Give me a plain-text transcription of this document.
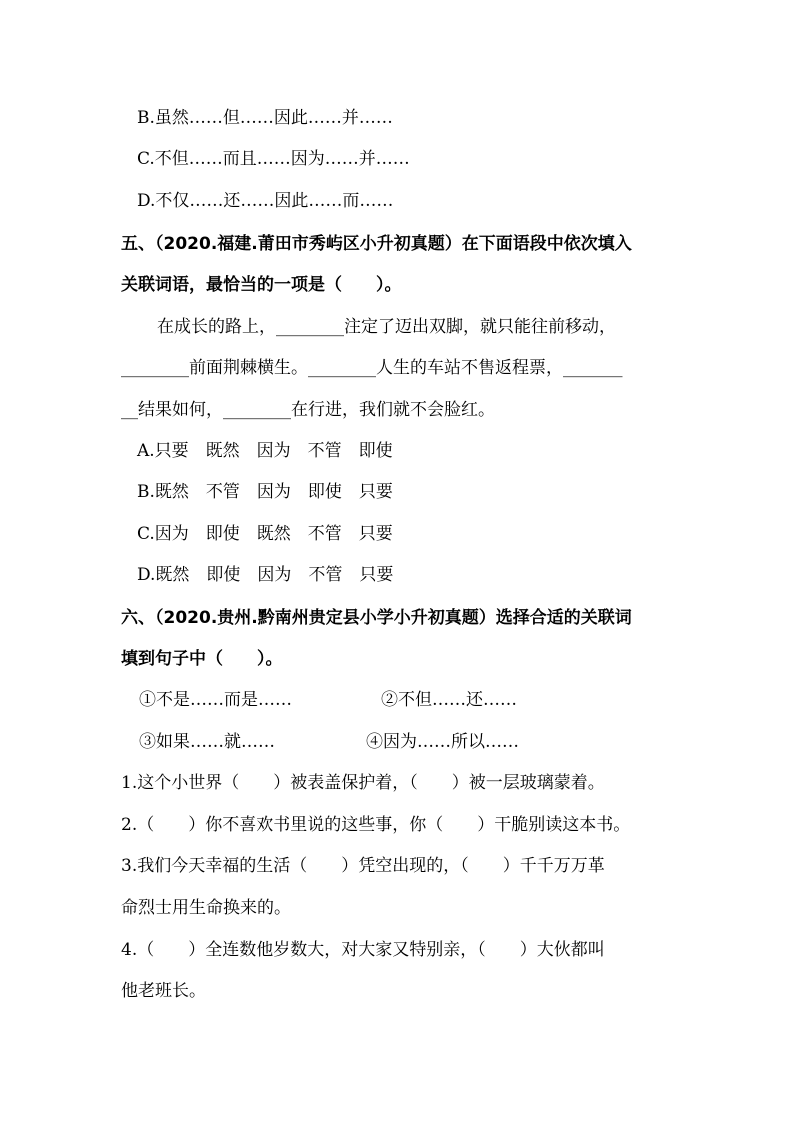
B.虽然……但……因此……并……
C.不但……而且……因为……并……
D.不仅……还……因此……而……
五、（2020.福建.莆田市秀屿区小升初真题）在下面语段中依次填入
关联词语，最恰当的一项是（　　）。
在成长的路上，________注定了迈出双脚，就只能往前移动，
________前面荆棘横生。________人生的车站不售返程票，_______
__结果如何，________在行进，我们就不会脸红。
A.只要　既然　因为　不管　即使
B.既然　不管　因为　即使　只要
C.因为　即使　既然　不管　只要
D.既然　即使　因为　不管　只要
六、（2020.贵州.黔南州贵定县小学小升初真题）选择合适的关联词
填到句子中（　　）。
①不是……而是……	②不但……还……
③如果……就……	④因为……所以……
1.这个小世界（　　）被表盖保护着，（　　）被一层玻璃蒙着。
2.（　　）你不喜欢书里说的这些事，你（　　）干脆别读这本书。
3.我们今天幸福的生活（　　）凭空出现的，（　　）千千万万革
命烈士用生命换来的。
4.（　　）全连数他岁数大，对大家又特别亲，（　　）大伙都叫
他老班长。
